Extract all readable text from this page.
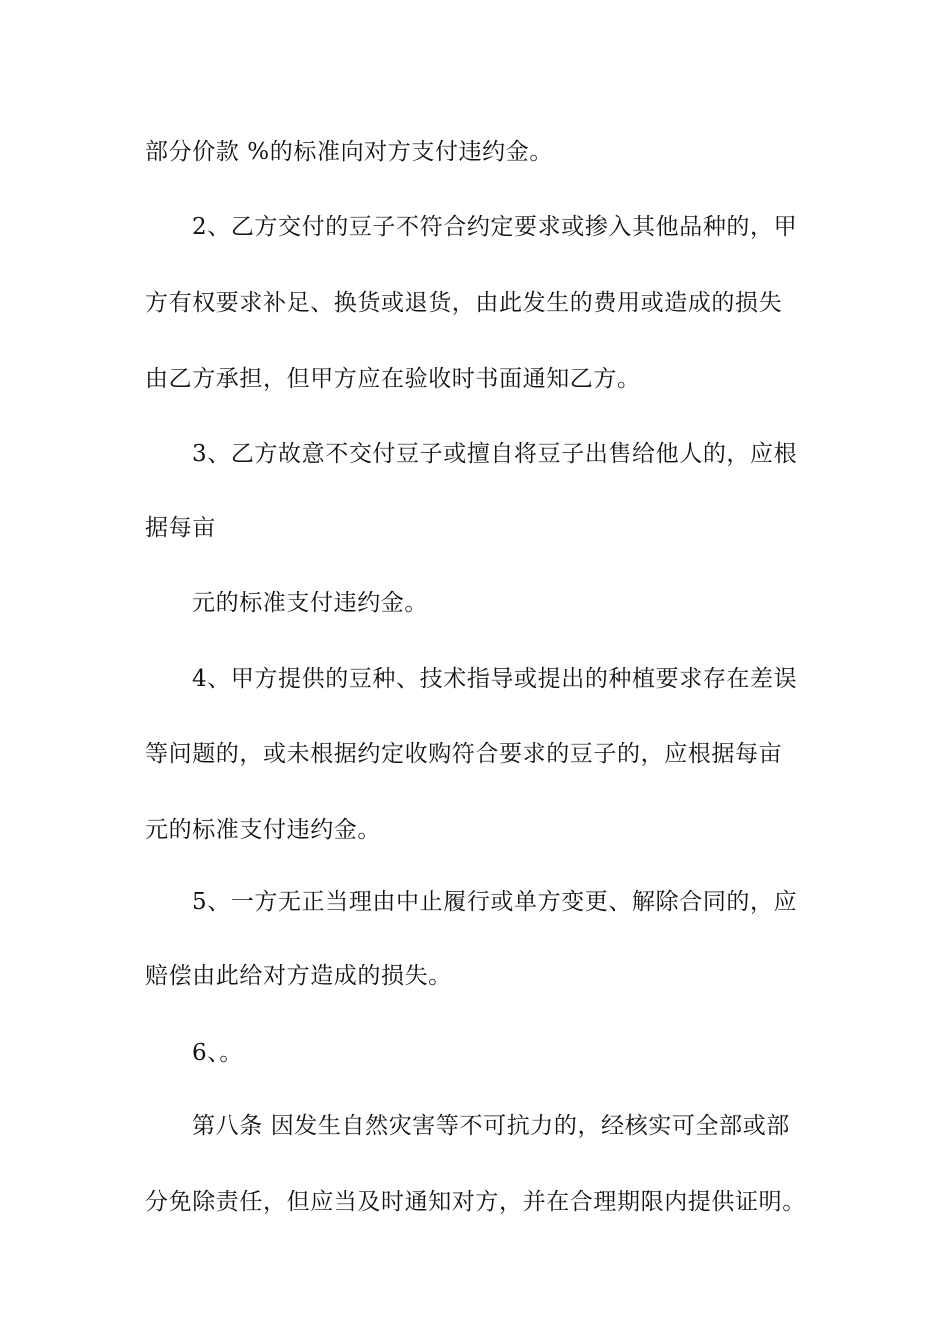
部分价款 %的标准向对方支付违约金。
2、乙方交付的豆子不符合约定要求或掺入其他品种的，甲
方有权要求补足、换货或退货，由此发生的费用或造成的损失
由乙方承担，但甲方应在验收时书面通知乙方。
3、乙方故意不交付豆子或擅自将豆子出售给他人的，应根
据每亩
元的标准支付违约金。
4、甲方提供的豆种、技术指导或提出的种植要求存在差误
等问题的，或未根据约定收购符合要求的豆子的，应根据每亩
元的标准支付违约金。
5、一方无正当理由中止履行或单方变更、解除合同的，应
赔偿由此给对方造成的损失。
6、。
第八条 因发生自然灾害等不可抗力的，经核实可全部或部
分免除责任，但应当及时通知对方，并在合理期限内提供证明。
